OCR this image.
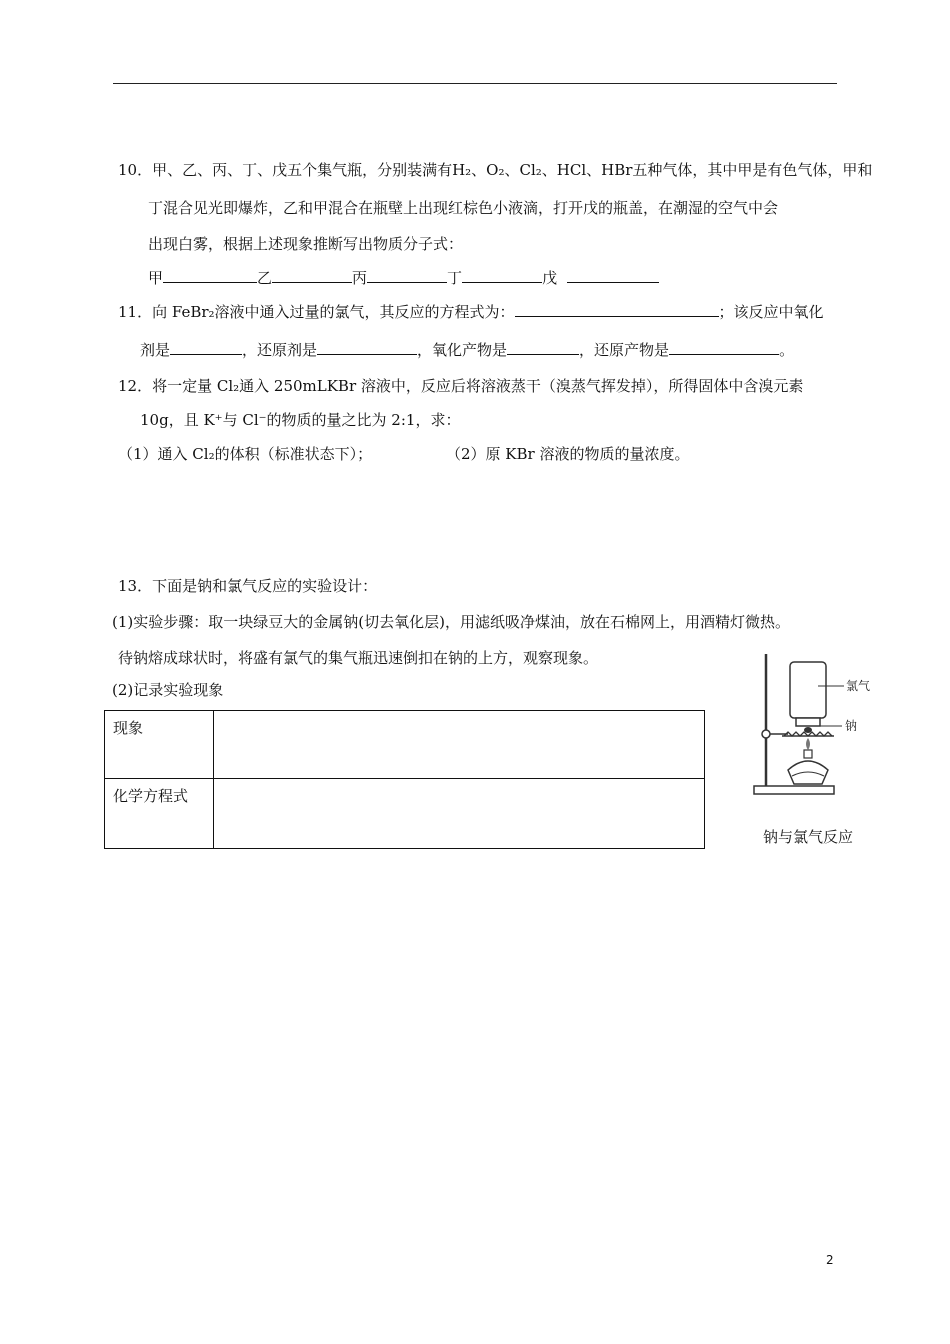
10．甲、乙、丙、丁、戊五个集气瓶，分别装满有H₂、O₂、Cl₂、HCl、HBr五种气体，其中甲是有色气体，甲和
丁混合见光即爆炸，乙和甲混合在瓶壁上出现红棕色小液滴，打开戊的瓶盖，在潮湿的空气中会
出现白雾，根据上述现象推断写出物质分子式：
甲	乙	丙	丁	戊
11．向 FeBr₂溶液中通入过量的氯气，其反应的方程式为：	；该反应中氧化
剂是	，还原剂是	，氧化产物是	，还原产物是	。
12．将一定量 Cl₂通入 250mLKBr 溶液中，反应后将溶液蒸干（溴蒸气挥发掉），所得固体中含溴元素
10g，且 K⁺与 Cl⁻的物质的量之比为 2:1，求：
（1）通入 Cl₂的体积（标准状态下）；	（2）原 KBr 溶液的物质的量浓度。
13．下面是钠和氯气反应的实验设计：
(1)实验步骤：取一块绿豆大的金属钠(切去氧化层)，用滤纸吸净煤油，放在石棉网上，用酒精灯微热。
待钠熔成球状时，将盛有氯气的集气瓶迅速倒扣在钠的上方，观察现象。
(2)记录实验现象
现象	
化学方程式	
氯气
钠
钠与氯气反应
2
